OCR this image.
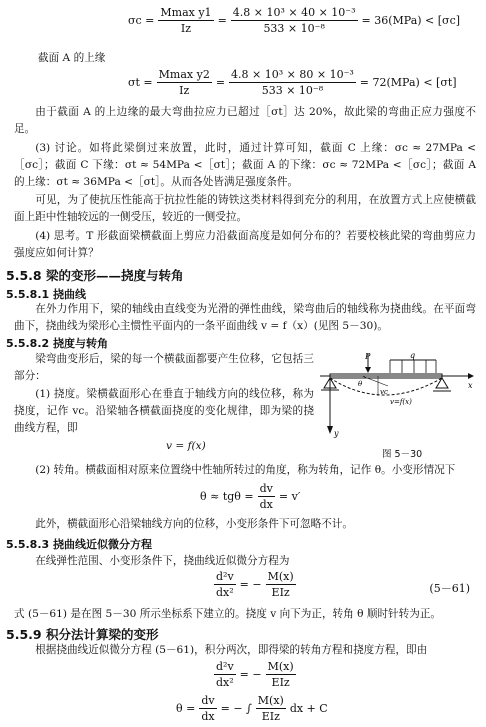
$\sigma c = \frac{\text{Mmax y1}}{Iz} = \frac{\text{4.8 × 10³ × 40 × 10⁻³}}{\text{533 × 10⁻⁸}} = 36(MPa) < [\sigma c]$
截面 A 的上缘
$\sigma t = \frac{\text{Mmax y2}}{Iz} = \frac{\text{4.8 × 10³ × 80 × 10⁻³}}{\text{533 × 10⁻⁸}} = 72(MPa) < [\sigma t]$
由于截面 A 的上边缘的最大弯曲拉应力已超过［σt］达 20%，故此梁的弯曲正应力强度不足。
(3) 讨论。如将此梁倒过来放置，此时，通过计算可知，截面 C 上缘：σc ≈ 27MPa <［σc］；截面 C 下缘：σt ≈ 54MPa <［σt］；截面 A 的下缘：σc ≈ 72MPa <［σc］；截面 A 的上缘：σt ≈ 36MPa <［σt］。从而各处皆满足强度条件。
可见，为了使抗压性能高于抗拉性能的铸铁这类材料得到充分的利用，在放置方式上应使横截面上距中性轴较远的一侧受压，较近的一侧受拉。
(4) 思考。T 形截面梁横截面上剪应力沿截面高度是如何分布的？若要校核此梁的弯曲剪应力强度应如何计算？
5.5.8 梁的变形——挠度与转角
5.5.8.1 挠曲线
在外力作用下，梁的轴线由直线变为光滑的弹性曲线，梁弯曲后的轴线称为挠曲线。在平面弯曲下，挠曲线为梁形心主惯性平面内的一条平面曲线 v = f（x）(见图 5－30)。
5.5.8.2 挠度与转角
梁弯曲变形后，梁的每一个横截面都要产生位移，它包括三部分：
(1) 挠度。梁横截面形心在垂直于轴线方向的线位移，称为挠度，记作 vc。沿梁轴各横截面挠度的变化规律，即为梁的挠曲线方程，即
v = f(x)
P	q
x
θ
vc
v=f(x)
y
图 5－30
(2) 转角。横截面相对原来位置绕中性轴所转过的角度，称为转角，记作 θ。小变形情况下
$\theta \approx tg\theta = \frac{dv}{dx} = v'$
此外，横截面形心沿梁轴线方向的位移，小变形条件下可忽略不计。
5.5.8.3 挠曲线近似微分方程
在线弹性范围、小变形条件下，挠曲线近似微分方程为
$\frac{\text{d²v}}{\text{dx²}}$ = − $\frac{M(x)}{\text{EIz}}$	(5－61)
式 (5－61) 是在图 5－30 所示坐标系下建立的。挠度 v 向下为正，转角 θ 顺时针转为正。
5.5.9 积分法计算梁的变形
根据挠曲线近似微分方程 (5－61)，积分两次，即得梁的转角方程和挠度方程，即由
$\frac{\text{d²v}}{\text{dx²}}$ = − $\frac{M(x)}{\text{EIz}}$
$\theta = \frac{dv}{dx}$ = − ∫ $\frac{M(x)}{\text{EIz}}$ dx + C
